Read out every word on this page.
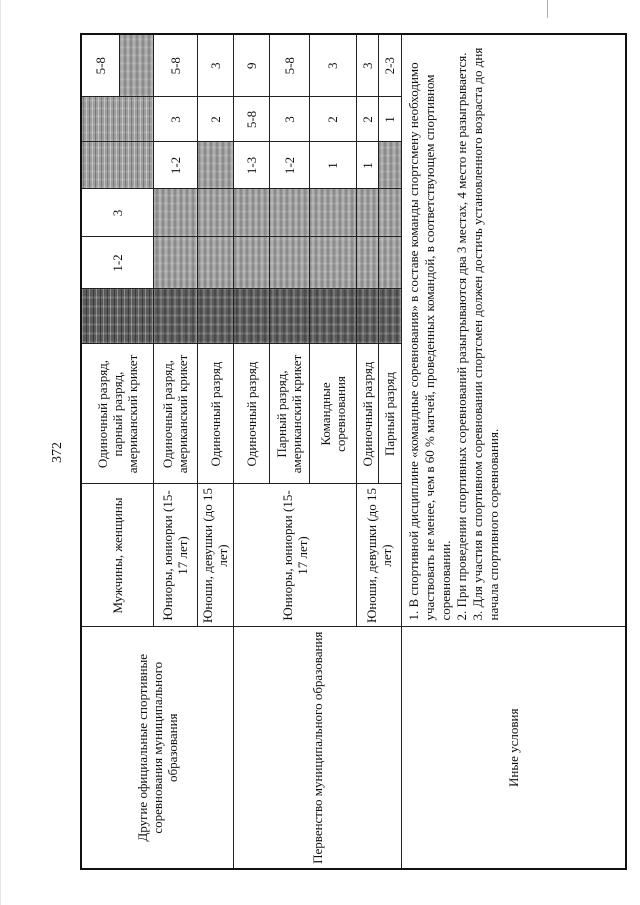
372
Другие официальные спортивные соревнования муниципального образования	Мужчины, женщины	Одиночный разряд, парный разряд, американский крикет		1-2	3			5-8

	Юниоры, юниорки (15-17 лет)	Одиночный разряд, американский крикет				1-2	3	5-8
	Юноши, девушки (до 15 лет)	Одиночный разряд					2	3
Первенство муниципального образования	Юниоры, юниорки (15-17 лет)	Одиночный разряд				1-3	5-8	9
		Парный разряд, американский крикет				1-2	3	5-8
		Командные соревнования				1	2	3
	Юноши, девушки (до 15 лет)	Одиночный разряд				1	2	3
		Парный разряд					1	2-3
Иные условия	1. В спортивной дисциплине «командные соревнования» в составе команды спортсмену необходимо участвовать не менее, чем в 60 % матчей, проведенных командой, в соответствующем спортивном соревновании. 2. При проведении спортивных соревнований разыгрываются два 3 местах, 4 место не разыгрывается. 3. Для участия в спортивном соревновании спортсмен должен достичь установленного возраста до дня начала спортивного соревнования.							
